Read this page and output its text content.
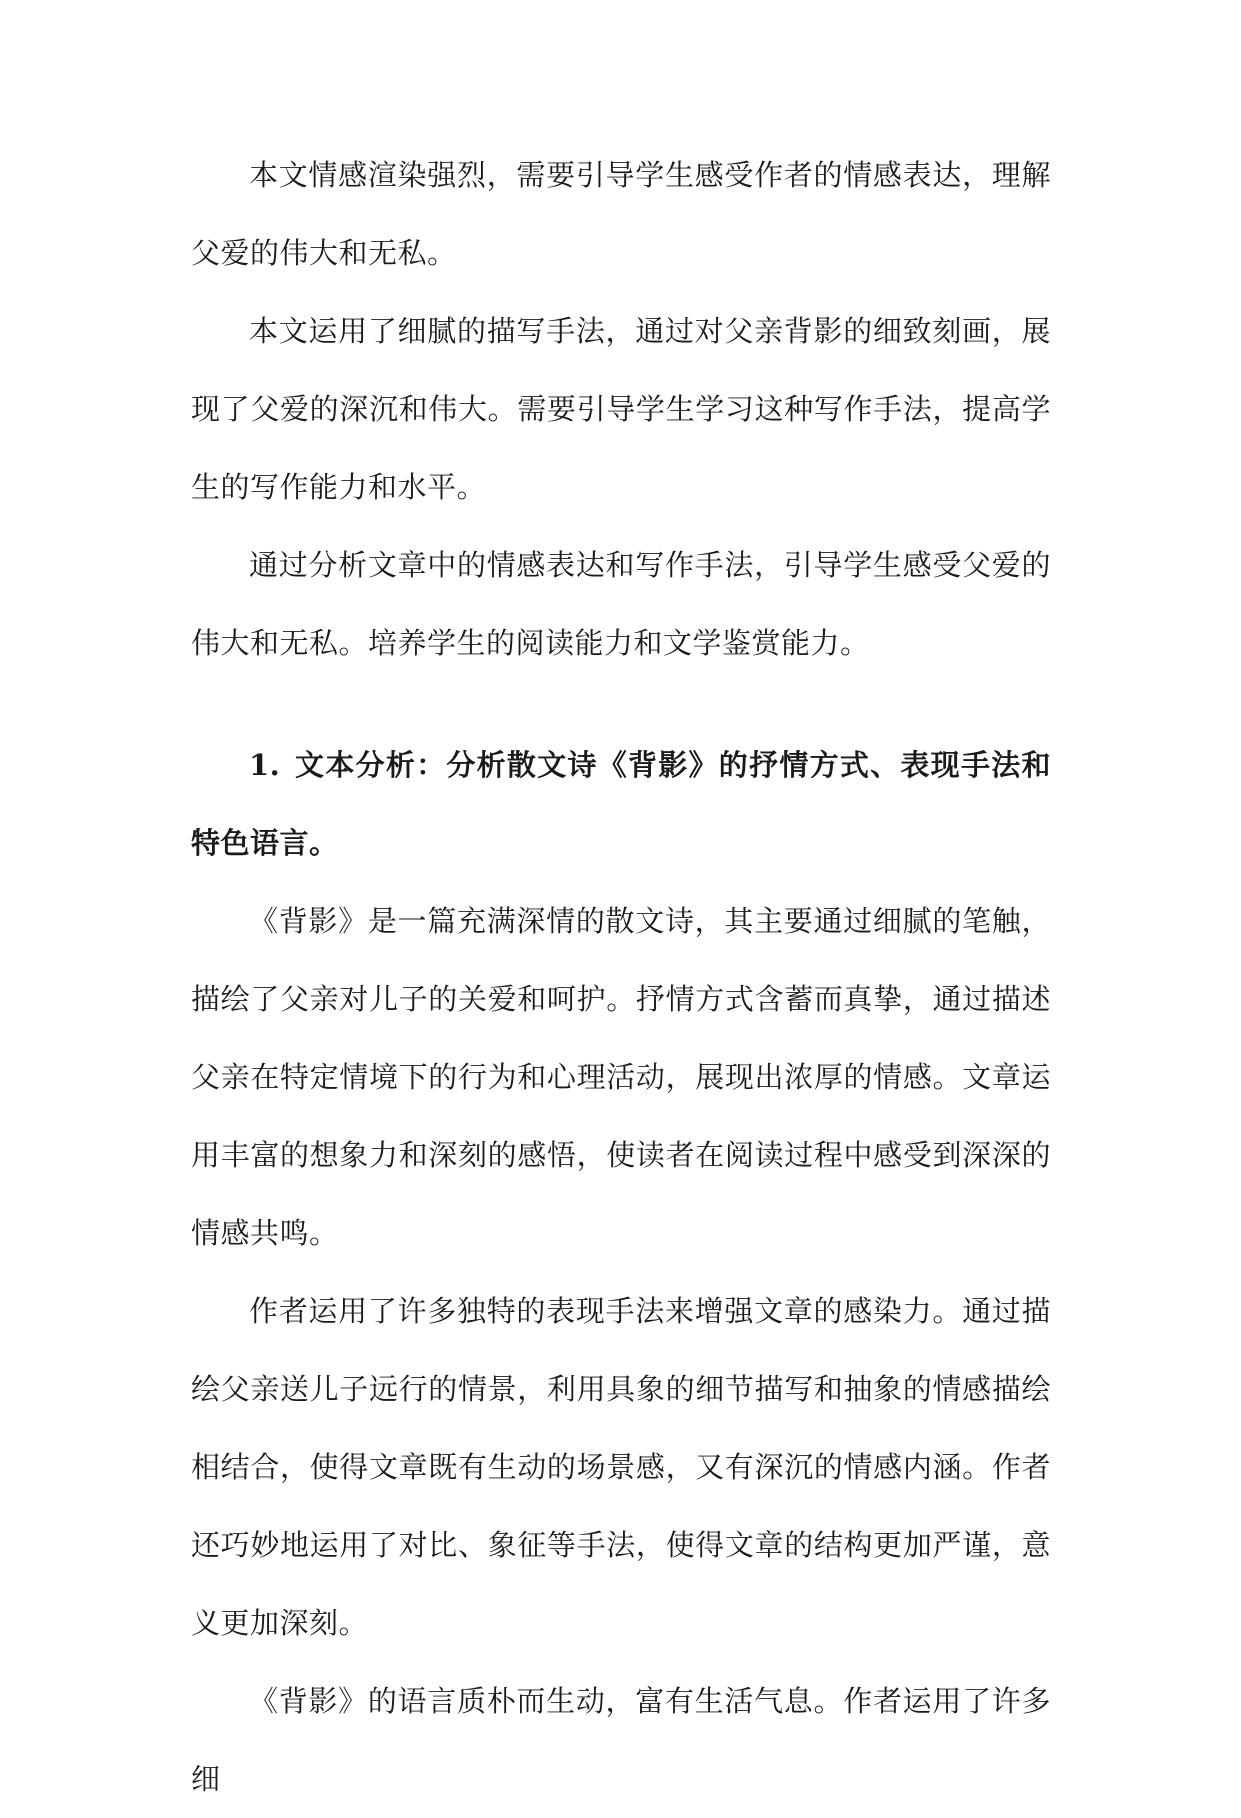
本文情感渲染强烈，需要引导学生感受作者的情感表达，理解父爱的伟大和无私。

本文运用了细腻的描写手法，通过对父亲背影的细致刻画，展现了父爱的深沉和伟大。需要引导学生学习这种写作手法，提高学生的写作能力和水平。

通过分析文章中的情感表达和写作手法，引导学生感受父爱的伟大和无私。培养学生的阅读能力和文学鉴赏能力。

1. 文本分析：分析散文诗《背影》的抒情方式、表现手法和特色语言。

《背影》是一篇充满深情的散文诗，其主要通过细腻的笔触，描绘了父亲对儿子的关爱和呵护。抒情方式含蓄而真挚，通过描述父亲在特定情境下的行为和心理活动，展现出浓厚的情感。文章运用丰富的想象力和深刻的感悟，使读者在阅读过程中感受到深深的情感共鸣。

作者运用了许多独特的表现手法来增强文章的感染力。通过描绘父亲送儿子远行的情景，利用具象的细节描写和抽象的情感描绘相结合，使得文章既有生动的场景感，又有深沉的情感内涵。作者还巧妙地运用了对比、象征等手法，使得文章的结构更加严谨，意义更加深刻。

《背影》的语言质朴而生动，富有生活气息。作者运用了许多细
